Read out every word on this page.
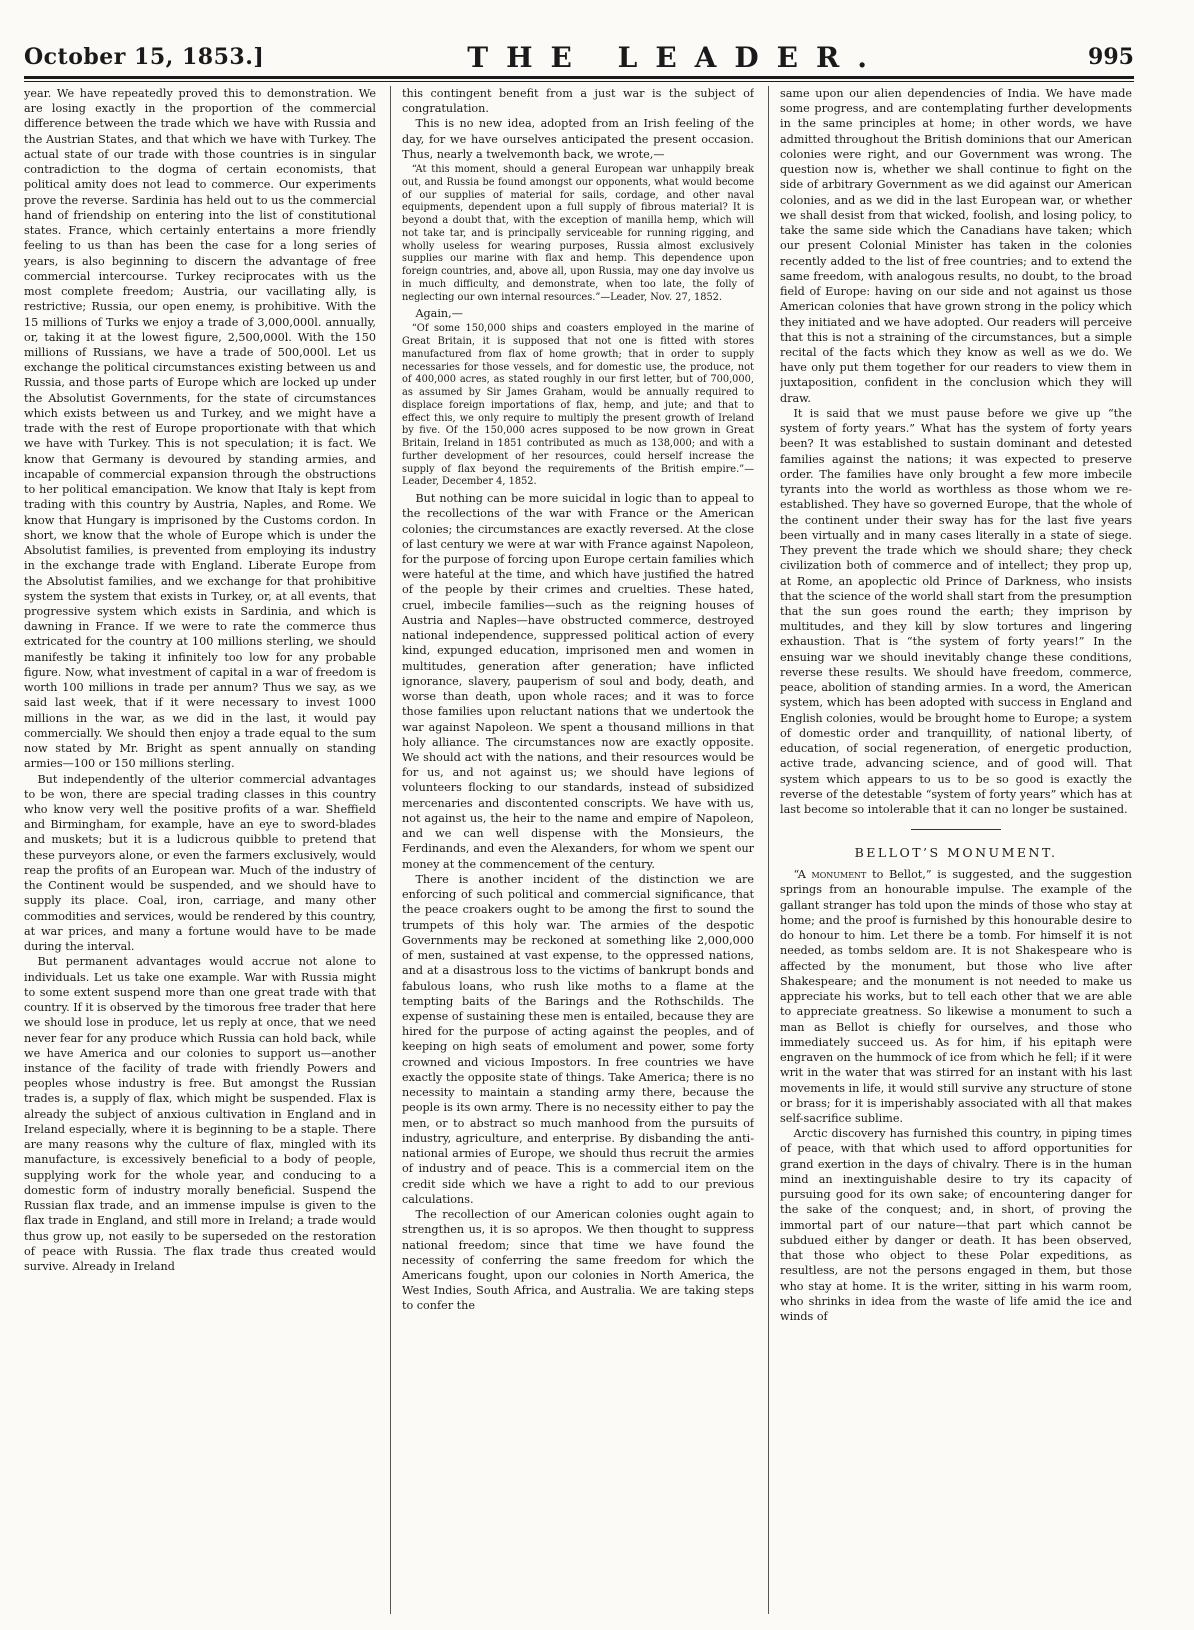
October 15, 1853.]	THE LEADER.	995

year. We have repeatedly proved this to demonstration. We are losing exactly in the proportion of the commercial difference between the trade which we have with Russia and the Austrian States, and that which we have with Turkey. The actual state of our trade with those countries is in singular contradiction to the dogma of certain economists, that political amity does not lead to commerce. Our experiments prove the reverse. Sardinia has held out to us the commercial hand of friendship on entering into the list of constitutional states. France, which certainly entertains a more friendly feeling to us than has been the case for a long series of years, is also beginning to discern the advantage of free commercial intercourse. Turkey reciprocates with us the most complete freedom; Austria, our vacillating ally, is restrictive; Russia, our open enemy, is prohibitive. With the 15 millions of Turks we enjoy a trade of 3,000,000l. annually, or, taking it at the lowest figure, 2,500,000l. With the 150 millions of Russians, we have a trade of 500,000l. Let us exchange the political circumstances existing between us and Russia, and those parts of Europe which are locked up under the Absolutist Governments, for the state of circumstances which exists between us and Turkey, and we might have a trade with the rest of Europe proportionate with that which we have with Turkey. This is not speculation; it is fact. We know that Germany is devoured by standing armies, and incapable of commercial expansion through the obstructions to her political emancipation. We know that Italy is kept from trading with this country by Austria, Naples, and Rome. We know that Hungary is imprisoned by the Customs cordon. In short, we know that the whole of Europe which is under the Absolutist families, is prevented from employing its industry in the exchange trade with England. Liberate Europe from the Absolutist families, and we exchange for that prohibitive system the system that exists in Turkey, or, at all events, that progressive system which exists in Sardinia, and which is dawning in France. If we were to rate the commerce thus extricated for the country at 100 millions sterling, we should manifestly be taking it infinitely too low for any probable figure. Now, what investment of capital in a war of freedom is worth 100 millions in trade per annum? Thus we say, as we said last week, that if it were necessary to invest 1000 millions in the war, as we did in the last, it would pay commercially. We should then enjoy a trade equal to the sum now stated by Mr. Bright as spent annually on standing armies—100 or 150 millions sterling.

But independently of the ulterior commercial advantages to be won, there are special trading classes in this country who know very well the positive profits of a war. Sheffield and Birmingham, for example, have an eye to sword-blades and muskets; but it is a ludicrous quibble to pretend that these purveyors alone, or even the farmers exclusively, would reap the profits of an European war. Much of the industry of the Continent would be suspended, and we should have to supply its place. Coal, iron, carriage, and many other commodities and services, would be rendered by this country, at war prices, and many a fortune would have to be made during the interval.

But permanent advantages would accrue not alone to individuals. Let us take one example. War with Russia might to some extent suspend more than one great trade with that country. If it is observed by the timorous free trader that here we should lose in produce, let us reply at once, that we need never fear for any produce which Russia can hold back, while we have America and our colonies to support us—another instance of the facility of trade with friendly Powers and peoples whose industry is free. But amongst the Russian trades is, a supply of flax, which might be suspended. Flax is already the subject of anxious cultivation in England and in Ireland especially, where it is beginning to be a staple. There are many reasons why the culture of flax, mingled with its manufacture, is excessively beneficial to a body of people, supplying work for the whole year, and conducing to a domestic form of industry morally beneficial. Suspend the Russian flax trade, and an immense impulse is given to the flax trade in England, and still more in Ireland; a trade would thus grow up, not easily to be superseded on the restoration of peace with Russia. The flax trade thus created would survive. Already in Ireland

this contingent benefit from a just war is the subject of congratulation.

This is no new idea, adopted from an Irish feeling of the day, for we have ourselves anticipated the present occasion. Thus, nearly a twelvemonth back, we wrote,—

“At this moment, should a general European war unhappily break out, and Russia be found amongst our opponents, what would become of our supplies of material for sails, cordage, and other naval equipments, dependent upon a full supply of fibrous material? It is beyond a doubt that, with the exception of manilla hemp, which will not take tar, and is principally serviceable for running rigging, and wholly useless for wearing purposes, Russia almost exclusively supplies our marine with flax and hemp. This dependence upon foreign countries, and, above all, upon Russia, may one day involve us in much difficulty, and demonstrate, when too late, the folly of neglecting our own internal resources.”—Leader, Nov. 27, 1852.

Again,—

“Of some 150,000 ships and coasters employed in the marine of Great Britain, it is supposed that not one is fitted with stores manufactured from flax of home growth; that in order to supply necessaries for those vessels, and for domestic use, the produce, not of 400,000 acres, as stated roughly in our first letter, but of 700,000, as assumed by Sir James Graham, would be annually required to displace foreign importations of flax, hemp, and jute; and that to effect this, we only require to multiply the present growth of Ireland by five. Of the 150,000 acres supposed to be now grown in Great Britain, Ireland in 1851 contributed as much as 138,000; and with a further development of her resources, could herself increase the supply of flax beyond the requirements of the British empire.”—Leader, December 4, 1852.

But nothing can be more suicidal in logic than to appeal to the recollections of the war with France or the American colonies; the circumstances are exactly reversed. At the close of last century we were at war with France against Napoleon, for the purpose of forcing upon Europe certain families which were hateful at the time, and which have justified the hatred of the people by their crimes and cruelties. These hated, cruel, imbecile families—such as the reigning houses of Austria and Naples—have obstructed commerce, destroyed national independence, suppressed political action of every kind, expunged education, imprisoned men and women in multitudes, generation after generation; have inflicted ignorance, slavery, pauperism of soul and body, death, and worse than death, upon whole races; and it was to force those families upon reluctant nations that we undertook the war against Napoleon. We spent a thousand millions in that holy alliance. The circumstances now are exactly opposite. We should act with the nations, and their resources would be for us, and not against us; we should have legions of volunteers flocking to our standards, instead of subsidized mercenaries and discontented conscripts. We have with us, not against us, the heir to the name and empire of Napoleon, and we can well dispense with the Monsieurs, the Ferdinands, and even the Alexanders, for whom we spent our money at the commencement of the century.

There is another incident of the distinction we are enforcing of such political and commercial significance, that the peace croakers ought to be among the first to sound the trumpets of this holy war. The armies of the despotic Governments may be reckoned at something like 2,000,000 of men, sustained at vast expense, to the oppressed nations, and at a disastrous loss to the victims of bankrupt bonds and fabulous loans, who rush like moths to a flame at the tempting baits of the Barings and the Rothschilds. The expense of sustaining these men is entailed, because they are hired for the purpose of acting against the peoples, and of keeping on high seats of emolument and power, some forty crowned and vicious Impostors. In free countries we have exactly the opposite state of things. Take America; there is no necessity to maintain a standing army there, because the people is its own army. There is no necessity either to pay the men, or to abstract so much manhood from the pursuits of industry, agriculture, and enterprise. By disbanding the anti-national armies of Europe, we should thus recruit the armies of industry and of peace. This is a commercial item on the credit side which we have a right to add to our previous calculations.

The recollection of our American colonies ought again to strengthen us, it is so apropos. We then thought to suppress national freedom; since that time we have found the necessity of conferring the same freedom for which the Americans fought, upon our colonies in North America, the West Indies, South Africa, and Australia. We are taking steps to confer the

same upon our alien dependencies of India. We have made some progress, and are contemplating further developments in the same principles at home; in other words, we have admitted throughout the British dominions that our American colonies were right, and our Government was wrong. The question now is, whether we shall continue to fight on the side of arbitrary Government as we did against our American colonies, and as we did in the last European war, or whether we shall desist from that wicked, foolish, and losing policy, to take the same side which the Canadians have taken; which our present Colonial Minister has taken in the colonies recently added to the list of free countries; and to extend the same freedom, with analogous results, no doubt, to the broad field of Europe: having on our side and not against us those American colonies that have grown strong in the policy which they initiated and we have adopted. Our readers will perceive that this is not a straining of the circumstances, but a simple recital of the facts which they know as well as we do. We have only put them together for our readers to view them in juxtaposition, confident in the conclusion which they will draw.

It is said that we must pause before we give up “the system of forty years.” What has the system of forty years been? It was established to sustain dominant and detested families against the nations; it was expected to preserve order. The families have only brought a few more imbecile tyrants into the world as worthless as those whom we re-established. They have so governed Europe, that the whole of the continent under their sway has for the last five years been virtually and in many cases literally in a state of siege. They prevent the trade which we should share; they check civilization both of commerce and of intellect; they prop up, at Rome, an apoplectic old Prince of Darkness, who insists that the science of the world shall start from the presumption that the sun goes round the earth; they imprison by multitudes, and they kill by slow tortures and lingering exhaustion. That is “the system of forty years!” In the ensuing war we should inevitably change these conditions, reverse these results. We should have freedom, commerce, peace, abolition of standing armies. In a word, the American system, which has been adopted with success in England and English colonies, would be brought home to Europe; a system of domestic order and tranquillity, of national liberty, of education, of social regeneration, of energetic production, active trade, advancing science, and of good will. That system which appears to us to be so good is exactly the reverse of the detestable “system of forty years” which has at last become so intolerable that it can no longer be sustained.

BELLOT’S MONUMENT.

“A monument to Bellot,” is suggested, and the suggestion springs from an honourable impulse. The example of the gallant stranger has told upon the minds of those who stay at home; and the proof is furnished by this honourable desire to do honour to him. Let there be a tomb. For himself it is not needed, as tombs seldom are. It is not Shakespeare who is affected by the monument, but those who live after Shakespeare; and the monument is not needed to make us appreciate his works, but to tell each other that we are able to appreciate greatness. So likewise a monument to such a man as Bellot is chiefly for ourselves, and those who immediately succeed us. As for him, if his epitaph were engraven on the hummock of ice from which he fell; if it were writ in the water that was stirred for an instant with his last movements in life, it would still survive any structure of stone or brass; for it is imperishably associated with all that makes self-sacrifice sublime.

Arctic discovery has furnished this country, in piping times of peace, with that which used to afford opportunities for grand exertion in the days of chivalry. There is in the human mind an inextinguishable desire to try its capacity of pursuing good for its own sake; of encountering danger for the sake of the conquest; and, in short, of proving the immortal part of our nature—that part which cannot be subdued either by danger or death. It has been observed, that those who object to these Polar expeditions, as resultless, are not the persons engaged in them, but those who stay at home. It is the writer, sitting in his warm room, who shrinks in idea from the waste of life amid the ice and winds of
